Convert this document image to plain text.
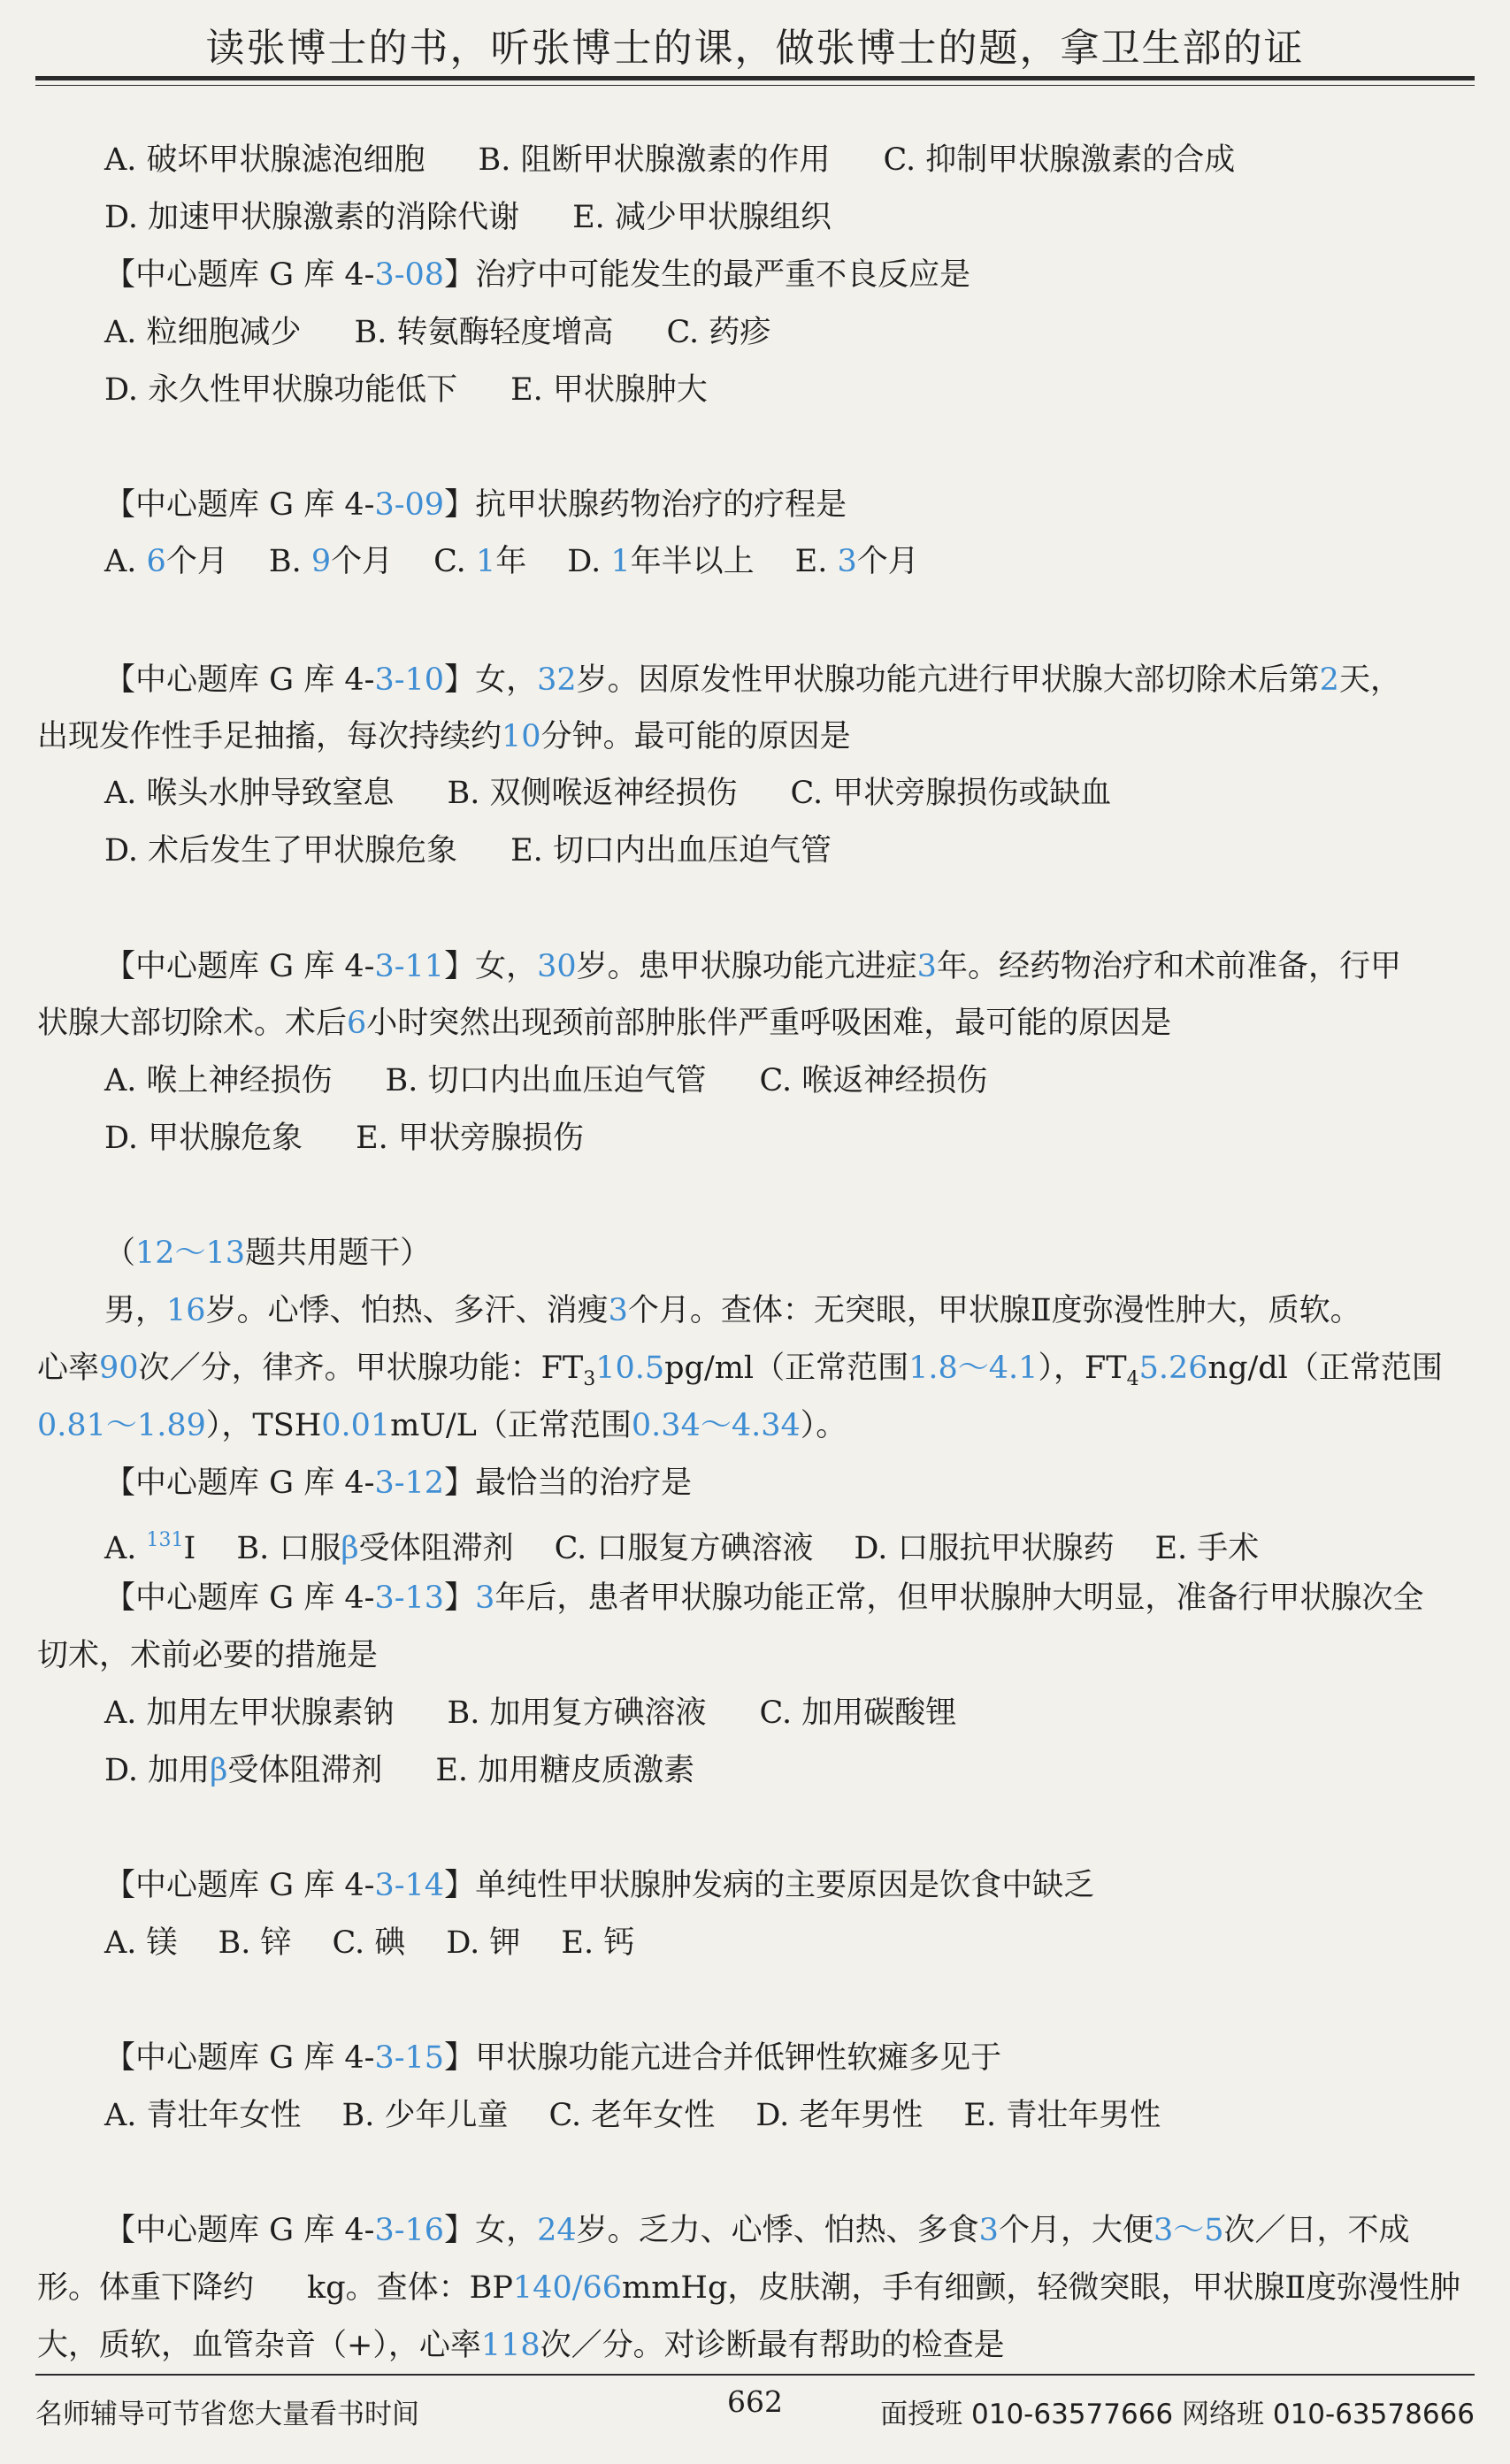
读张博士的书，听张博士的课，做张博士的题，拿卫生部的证
A. 破坏甲状腺滤泡细胞 B. 阻断甲状腺激素的作用 C. 抑制甲状腺激素的合成
D. 加速甲状腺激素的消除代谢 E. 减少甲状腺组织
【中心题库 G 库 4-3-08】治疗中可能发生的最严重不良反应是
A. 粒细胞减少 B. 转氨酶轻度增高 C. 药疹
D. 永久性甲状腺功能低下 E. 甲状腺肿大
【中心题库 G 库 4-3-09】抗甲状腺药物治疗的疗程是
A. 6个月 B. 9个月 C. 1年 D. 1年半以上 E. 3个月
【中心题库 G 库 4-3-10】女，32岁。因原发性甲状腺功能亢进行甲状腺大部切除术后第2天，
出现发作性手足抽搐，每次持续约10分钟。最可能的原因是
A. 喉头水肿导致窒息 B. 双侧喉返神经损伤 C. 甲状旁腺损伤或缺血
D. 术后发生了甲状腺危象 E. 切口内出血压迫气管
【中心题库 G 库 4-3-11】女，30岁。患甲状腺功能亢进症3年。经药物治疗和术前准备，行甲
状腺大部切除术。术后6小时突然出现颈前部肿胀伴严重呼吸困难，最可能的原因是
A. 喉上神经损伤 B. 切口内出血压迫气管 C. 喉返神经损伤
D. 甲状腺危象 E. 甲状旁腺损伤
（12～13题共用题干）
男，16岁。心悸、怕热、多汗、消瘦3个月。查体：无突眼，甲状腺Ⅱ度弥漫性肿大，质软。
心率90次／分，律齐。甲状腺功能：$FT_310.5pg/ml$（正常范围1.8～4.1），$FT_45.26ng/dl$（正常范围
0.81～1.89），TSH0.01mU/L（正常范围0.34～4.34）。
【中心题库 G 库 4-3-12】最恰当的治疗是
A. $^{131}$I B. 口服β受体阻滞剂 C. 口服复方碘溶液 D. 口服抗甲状腺药 E. 手术
【中心题库 G 库 4-3-13】3年后，患者甲状腺功能正常，但甲状腺肿大明显，准备行甲状腺次全
切术，术前必要的措施是
A. 加用左甲状腺素钠 B. 加用复方碘溶液 C. 加用碳酸锂
D. 加用β受体阻滞剂 E. 加用糖皮质激素
【中心题库 G 库 4-3-14】单纯性甲状腺肿发病的主要原因是饮食中缺乏
A. 镁 B. 锌 C. 碘 D. 钾 E. 钙
【中心题库 G 库 4-3-15】甲状腺功能亢进合并低钾性软瘫多见于
A. 青壮年女性 B. 少年儿童 C. 老年女性 D. 老年男性 E. 青壮年男性
【中心题库 G 库 4-3-16】女，24岁。乏力、心悸、怕热、多食3个月，大便3～5次／日，不成
形。体重下降约 kg。查体：BP140/66mmHg，皮肤潮，手有细颤，轻微突眼，甲状腺Ⅱ度弥漫性肿
大，质软，血管杂音（+），心率118次／分。对诊断最有帮助的检查是
名师辅导可节省您大量看书时间	662	面授班 010-63577666 网络班 010-63578666
